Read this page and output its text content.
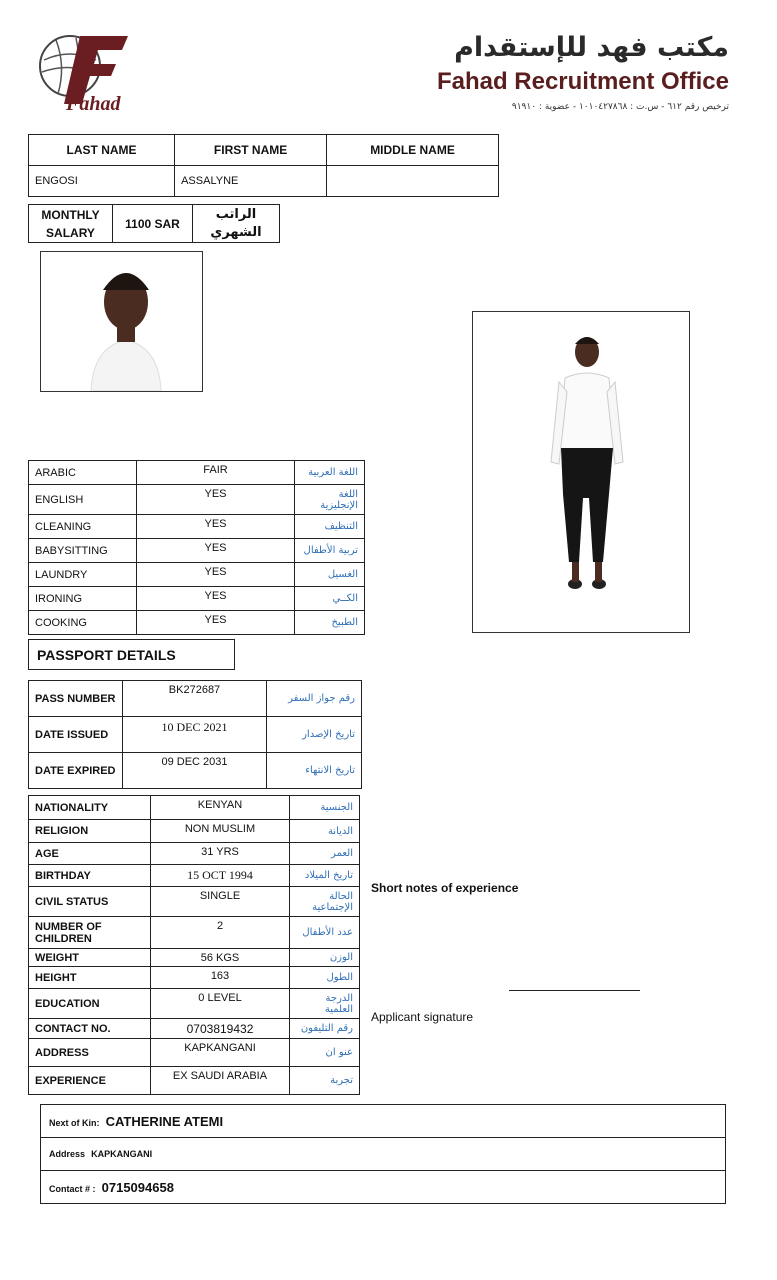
Fahad
مكتب فهد للإستقدام
Fahad Recruitment Office
ترخيص رقم ٦١٢ - س.ت : ١٠١٠٤٢٧٨٦٨ - عضوية : ٩١٩١٠
LAST NAME	FIRST NAME	MIDDLE NAME
ENGOSI	ASSALYNE	
MONTHLY SALARY	1100 SAR	الراتب الشهري
ARABIC	FAIR	اللغة العربية
ENGLISH	YES	اللغة الإنجليزية
CLEANING	YES	التنظيف
BABYSITTING	YES	تربية الأطفال
LAUNDRY	YES	الغسيل
IRONING	YES	الكــي
COOKING	YES	الطبيخ
PASSPORT DETAILS
PASS NUMBER	BK272687	رقم جواز السفر
DATE ISSUED	10 DEC 2021	تاريخ الإصدار
DATE EXPIRED	09 DEC 2031	تاريخ الانتهاء
NATIONALITY	KENYAN	الجنسية
RELIGION	NON MUSLIM	الديانة
AGE	31 YRS	العمر
BIRTHDAY	15 OCT 1994	تاريخ الميلاد
CIVIL STATUS	SINGLE	الحالة الإجتماعية
NUMBER OF CHILDREN	2	عدد الأطفال
WEIGHT	56 KGS	الوزن
HEIGHT	163	الطول
EDUCATION	0 LEVEL	الدرجة العلمية
CONTACT NO.	0703819432	رقم التليفون
ADDRESS	KAPKANGANI	عنو ان
EXPERIENCE	EX SAUDI ARABIA	تجربة
Short notes of experience
Applicant signature
Next of Kin: CATHERINE ATEMI
Address KAPKANGANI
Contact # : 0715094658
